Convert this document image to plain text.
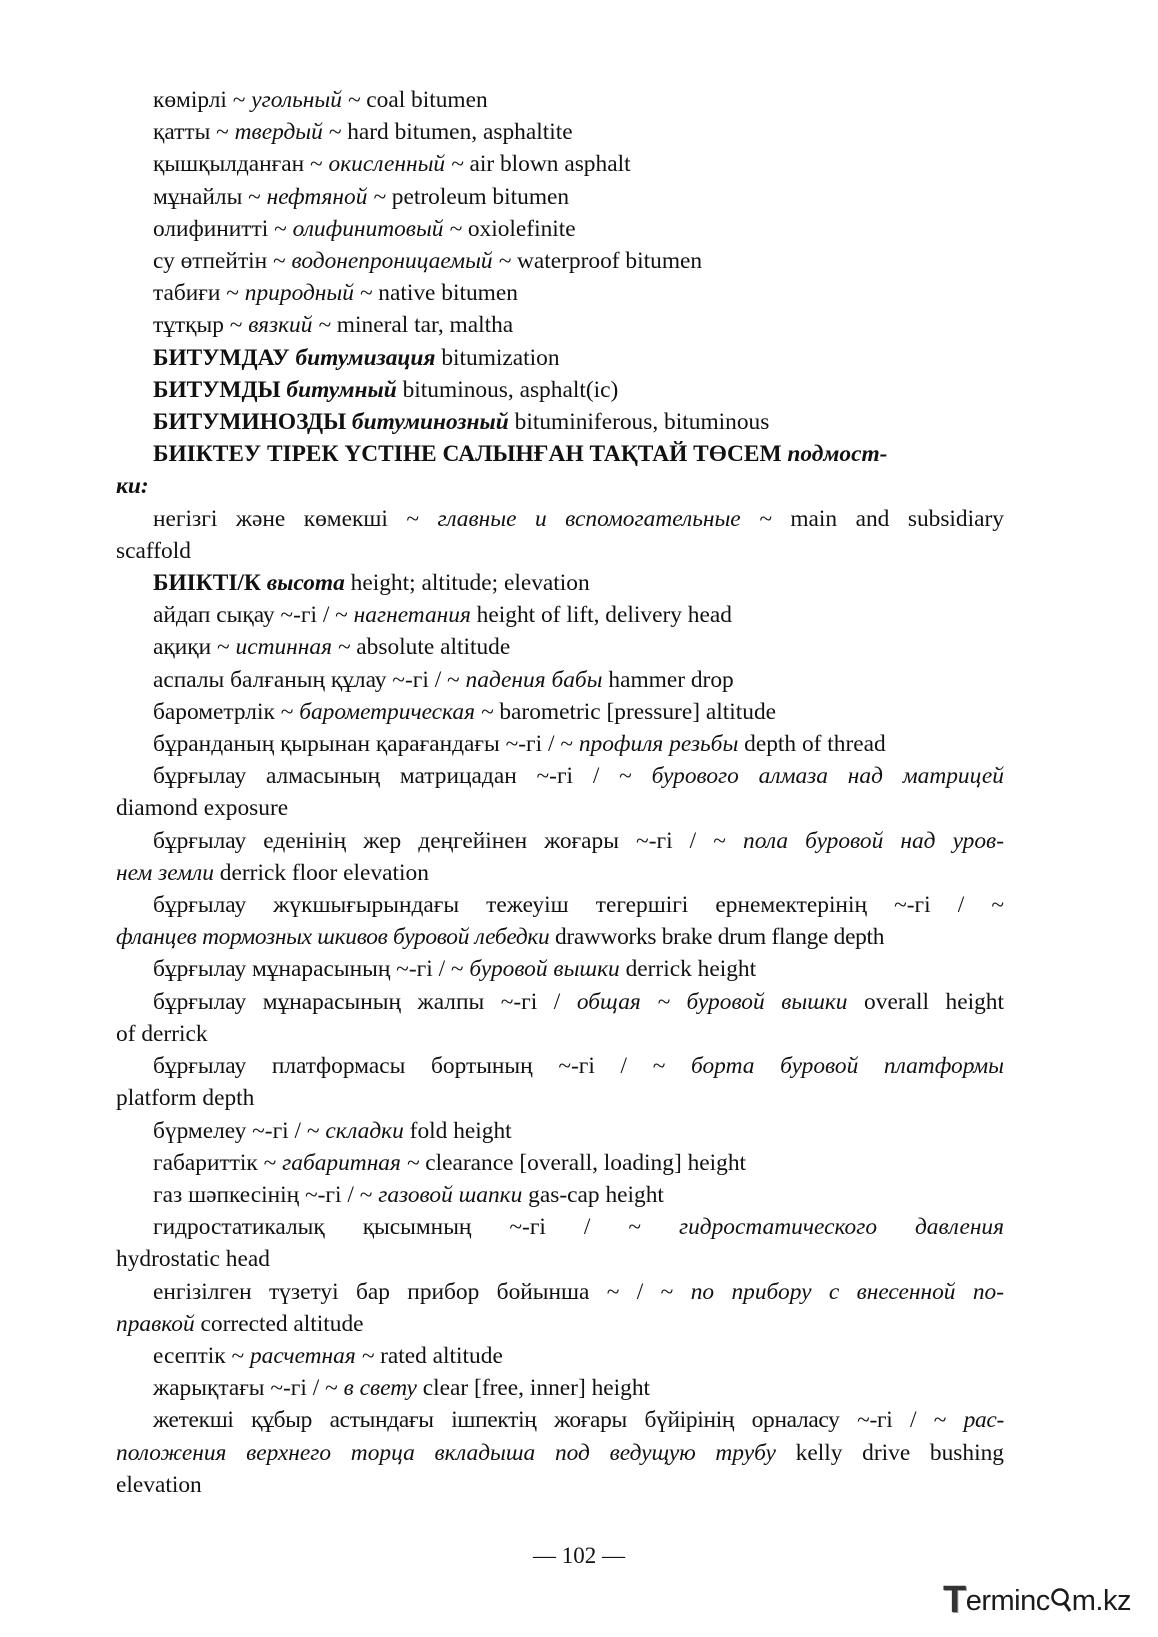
көмірлі ~ угольный ~ coal bitumen
қатты ~ твердый ~ hard bitumen, asphaltite
қышқылданған ~ окисленный ~ air blown asphalt
мұнайлы ~ нефтяной ~ petroleum bitumen
олифинитті ~ олифинитовый ~ oxiolefinite
су өтпейтін ~ водонепроницаемый ~ waterproof bitumen
табиғи ~ природный ~ native bitumen
тұтқыр ~ вязкий ~ mineral tar, maltha
БИТУМДАУ битумизация bitumization
БИТУМДЫ битумный bituminous, asphalt(ic)
БИТУМИНОЗДЫ битуминозный bituminiferous, bituminous
БИІКТЕУ ТІРЕК ҮСТІНЕ САЛЫНҒАН ТАҚТАЙ ТӨСЕМ подмост-
ки:
негізгі және көмекші ~ главные и вспомогательные ~ main and subsidiary
scaffold
БИІКТІ/К высота height; altitude; elevation
айдап сықау ~-гі / ~ нагнетания height of lift, delivery head
ақиқи ~ истинная ~ absolute altitude
аспалы балғаның құлау ~-гі / ~ падения бабы hammer drop
барометрлік ~ барометрическая ~ barometric [pressure] altitude
бұранданың қырынан қарағандағы ~-гі / ~ профиля резьбы depth of thread
бұрғылау алмасының матрицадан ~-гі / ~ бурового алмаза над матрицей
diamond exposure
бұрғылау еденінің жер деңгейінен жоғары ~-гі / ~ пола буровой над уров-
нем земли derrick floor elevation
бұрғылау жүкшығырындағы тежеуіш тегершігі ернемектерінің ~-гі / ~
фланцев тормозных шкивов буровой лебедки drawworks brake drum flange depth
бұрғылау мұнарасының ~-гі / ~ буровой вышки derrick height
бұрғылау мұнарасының жалпы ~-гі / общая ~ буровой вышки overall height
of derrick
бұрғылау платформасы бортының ~-гі / ~ борта буровой платформы
platform depth
бүрмелеу ~-гі / ~ складки fold height
габариттік ~ габаритная ~ clearance [overall, loading] height
газ шәпкесінің ~-гі / ~ газовой шапки gas-cap height
гидростатикалық қысымның ~-гі / ~ гидростатического давления
hydrostatic head
енгізілген түзетуі бар прибор бойынша ~ / ~ по прибору с внесенной по-
правкой corrected altitude
есептік ~ расчетная ~ rated altitude
жарықтағы ~-гі / ~ в свету clear [free, inner] height
жетекші құбыр астындағы ішпектің жоғары бүйірінің орналасу ~-гі / ~ рас-
положения верхнего торца вкладыша под ведущую трубу kelly drive bushing
elevation
— 102 —
Terminc m.kz
